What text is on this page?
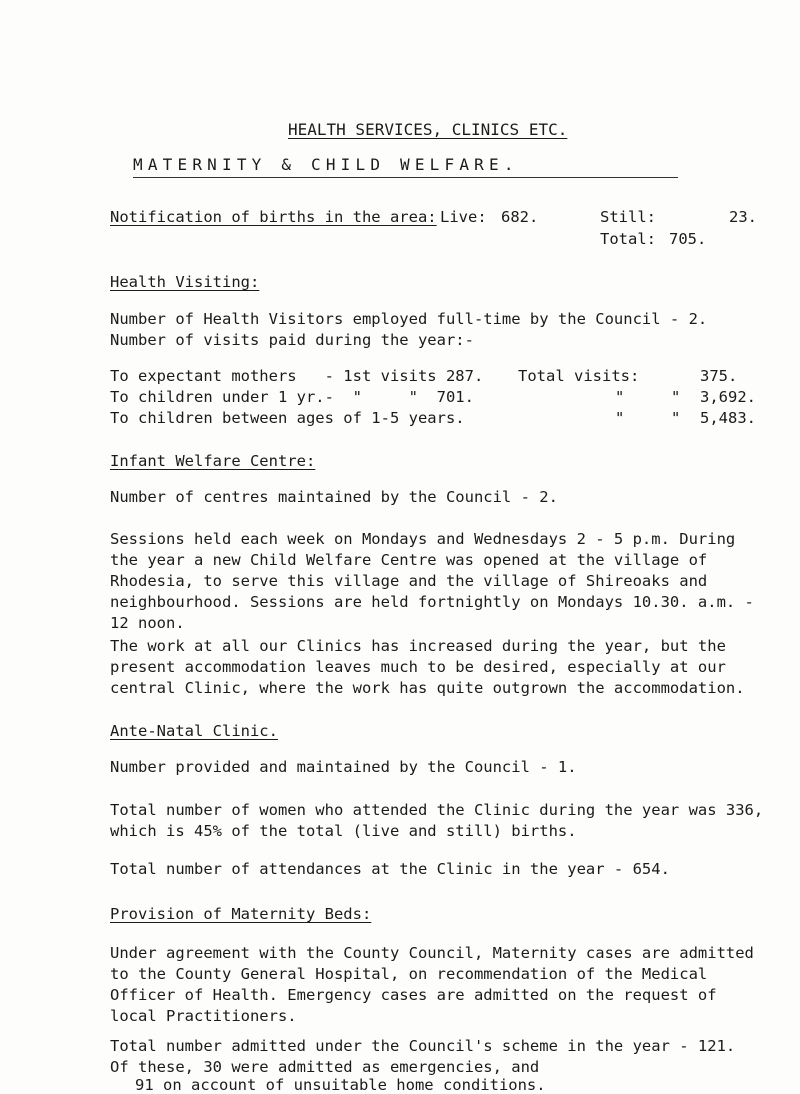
HEALTH SERVICES, CLINICS ETC.
MATERNITY & CHILD WELFARE.
Notification of births in the area: Live: 682.	Still:	23.
Total: 705.
Health Visiting:
Number of Health Visitors employed full-time by the Council - 2.
Number of visits paid during the year:-
To expectant mothers   - 1st visits 287. Total visits:	375.
To children under 1 yr.-  "     "  701.	"     " 3,692.
To children between ages of 1-5 years.	"     " 5,483.
Infant Welfare Centre:
Number of centres maintained by the Council - 2.

Sessions held each week on Mondays and Wednesdays 2 - 5 p.m. During the year a new Child Welfare Centre was opened at the village of Rhodesia, to serve this village and the village of Shireoaks and neighbourhood. Sessions are held fortnightly on Mondays 10.30. a.m. - 12 noon.

The work at all our Clinics has increased during the year, but the present accommodation leaves much to be desired, especially at our central Clinic, where the work has quite outgrown the accommodation.

Ante-Natal Clinic.
Number provided and maintained by the Council - 1.

Total number of women who attended the Clinic during the year was 336, which is 45% of the total (live and still) births.

Total number of attendances at the Clinic in the year - 654.
Provision of Maternity Beds:

Under agreement with the County Council, Maternity cases are admitted to the County General Hospital, on recommendation of the Medical Officer of Health. Emergency cases are admitted on the request of local Practitioners.

Total number admitted under the Council's scheme in the year - 121.
Of these, 30 were admitted as emergencies, and
91 on account of unsuitable home conditions.
